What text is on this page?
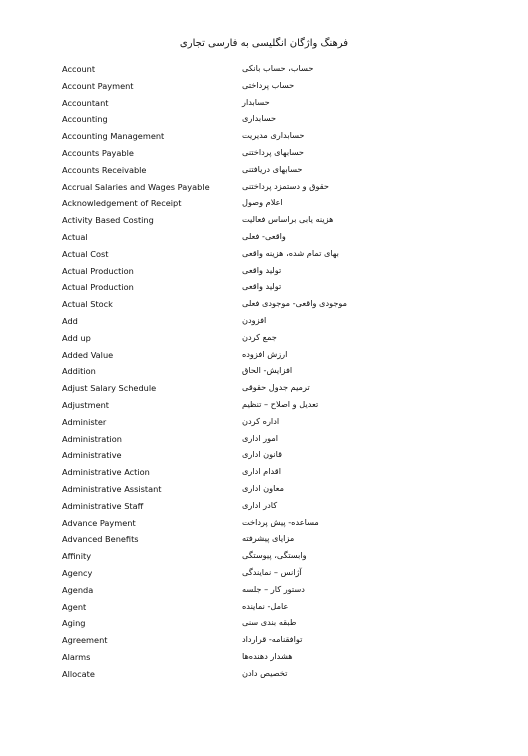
فرهنگ واژگان انگلیسی به فارسی تجاری
Account	حساب، حساب بانکی
Account Payment	حساب پرداختی
Accountant	حسابدار
Accounting	حسابداری
Accounting Management	حسابداری مدیریت
Accounts Payable	حسابهای پرداختنی
Accounts Receivable	حسابهای دریافتنی
Accrual Salaries and Wages Payable	حقوق و دستمزد پرداختنی
Acknowledgement of Receipt	اعلام وصول
Activity Based Costing	هزینه یابی براساس فعالیت
Actual	واقعی- فعلی
Actual Cost	بهای تمام شده، هزینه واقعی
Actual Production	تولید واقعی
Actual Production	تولید واقعی
Actual Stock	موجودی واقعی- موجودی فعلی
Add	افزودن
Add up	جمع کردن
Added Value	ارزش افزوده
Addition	افزایش- الحاق
Adjust Salary Schedule	ترمیم جدول حقوقی
Adjustment	تعدیل و اصلاح – تنظیم
Administer	اداره کردن
Administration	امور اداری
Administrative	قانون اداری
Administrative Action	اقدام اداری
Administrative Assistant	معاون اداری
Administrative Staff	کادر اداری
Advance Payment	مساعده- پیش پرداخت
Advanced Benefits	مزایای پیشرفته
Affinity	وابستگی، پیوستگی
Agency	آژانس – نمایندگی
Agenda	دستور کار – جلسه
Agent	عامل- نماینده
Aging	طبقه بندی سنی
Agreement	توافقنامه- قرارداد
Alarms	هشدار دهنده‌ها
Allocate	تخصیص دادن
